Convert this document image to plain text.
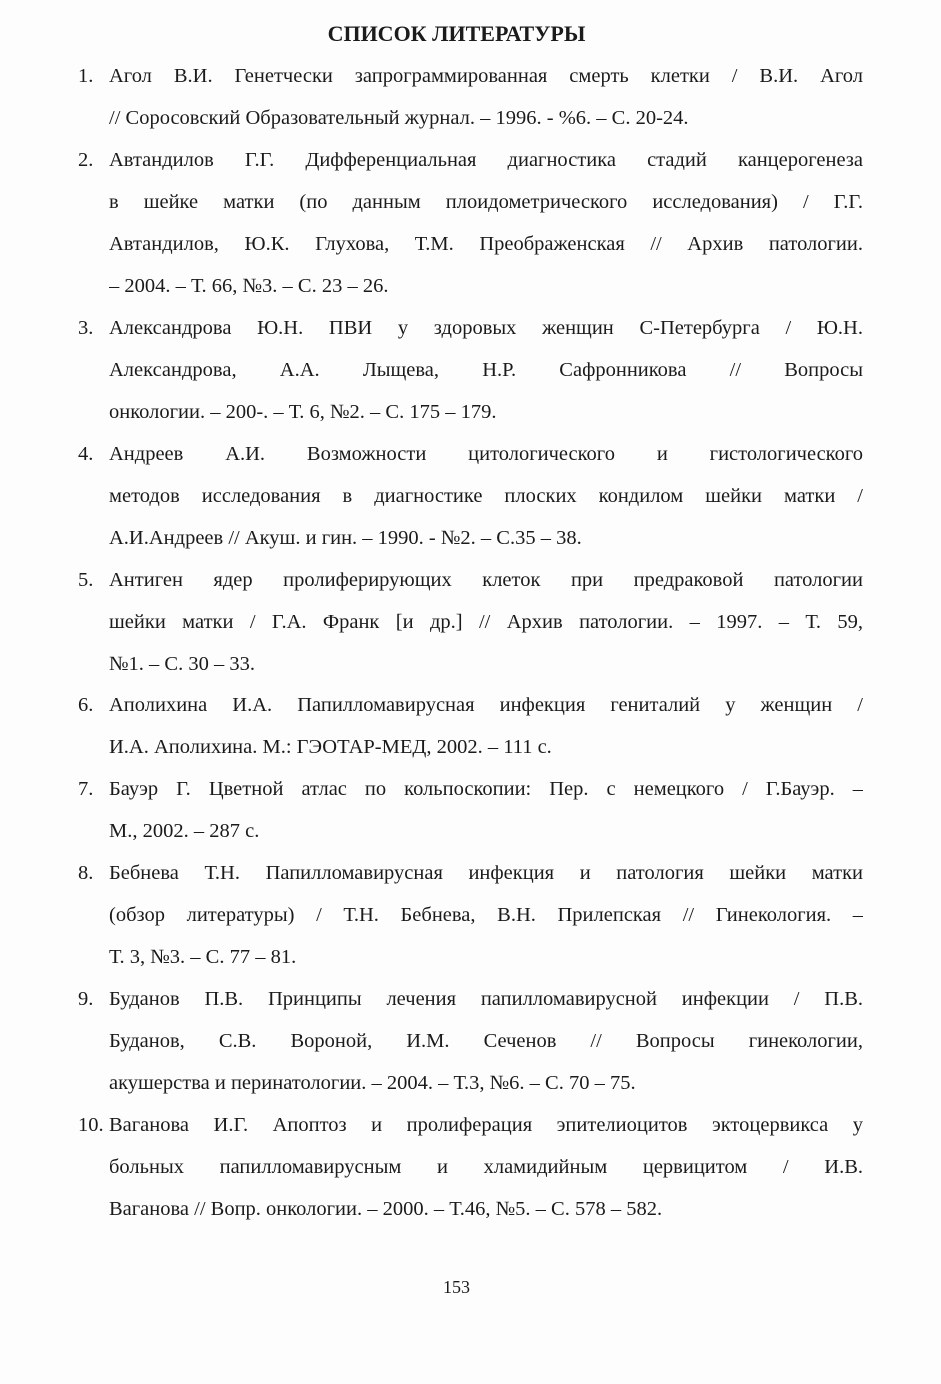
СПИСОК ЛИТЕРАТУРЫ
1. Агол В.И. Генетчески запрограммированная смерть клетки / В.И. Агол
// Соросовский Образовательный журнал. – 1996. - %6. – С. 20-24.
2. Автандилов Г.Г. Дифференциальная диагностика стадий канцерогенеза
в шейке матки (по данным плоидометрического исследования) / Г.Г.
Автандилов, Ю.К. Глухова, Т.М. Преображенская // Архив патологии.
– 2004. – Т. 66, №3. – С. 23 – 26.
3. Александрова Ю.Н. ПВИ у здоровых женщин С-Петербурга / Ю.Н.
Александрова, А.А. Лыщева, Н.Р. Сафронникова // Вопросы
онкологии. – 200-. – Т. 6, №2. – С. 175 – 179.
4. Андреев А.И. Возможности цитологического и гистологического
методов исследования в диагностике плоских кондилом шейки матки /
А.И.Андреев // Акуш. и гин. – 1990. - №2. – С.35 – 38.
5. Антиген ядер пролиферирующих клеток при предраковой патологии
шейки матки / Г.А. Франк [и др.] // Архив патологии. – 1997. – Т. 59,
№1. – С. 30 – 33.
6. Аполихина И.А. Папилломавирусная инфекция гениталий у женщин /
И.А. Аполихина. М.: ГЭОТАР-МЕД, 2002. – 111 с.
7. Бауэр Г. Цветной атлас по кольпоскопии: Пер. с немецкого / Г.Бауэр. –
М., 2002. – 287 с.
8. Бебнева Т.Н. Папилломавирусная инфекция и патология шейки матки
(обзор литературы) / Т.Н. Бебнева, В.Н. Прилепская // Гинекология. –
Т. 3, №3. – С. 77 – 81.
9. Буданов П.В. Принципы лечения папилломавирусной инфекции / П.В.
Буданов, С.В. Вороной, И.М. Сеченов // Вопросы гинекологии,
акушерства и перинатологии. – 2004. – Т.3, №6. – С. 70 – 75.
10. Ваганова И.Г. Апоптоз и пролиферация эпителиоцитов эктоцервикса у
больных папилломавирусным и хламидийным цервицитом / И.В.
Ваганова // Вопр. онкологии. – 2000. – Т.46, №5. – С. 578 – 582.
153
